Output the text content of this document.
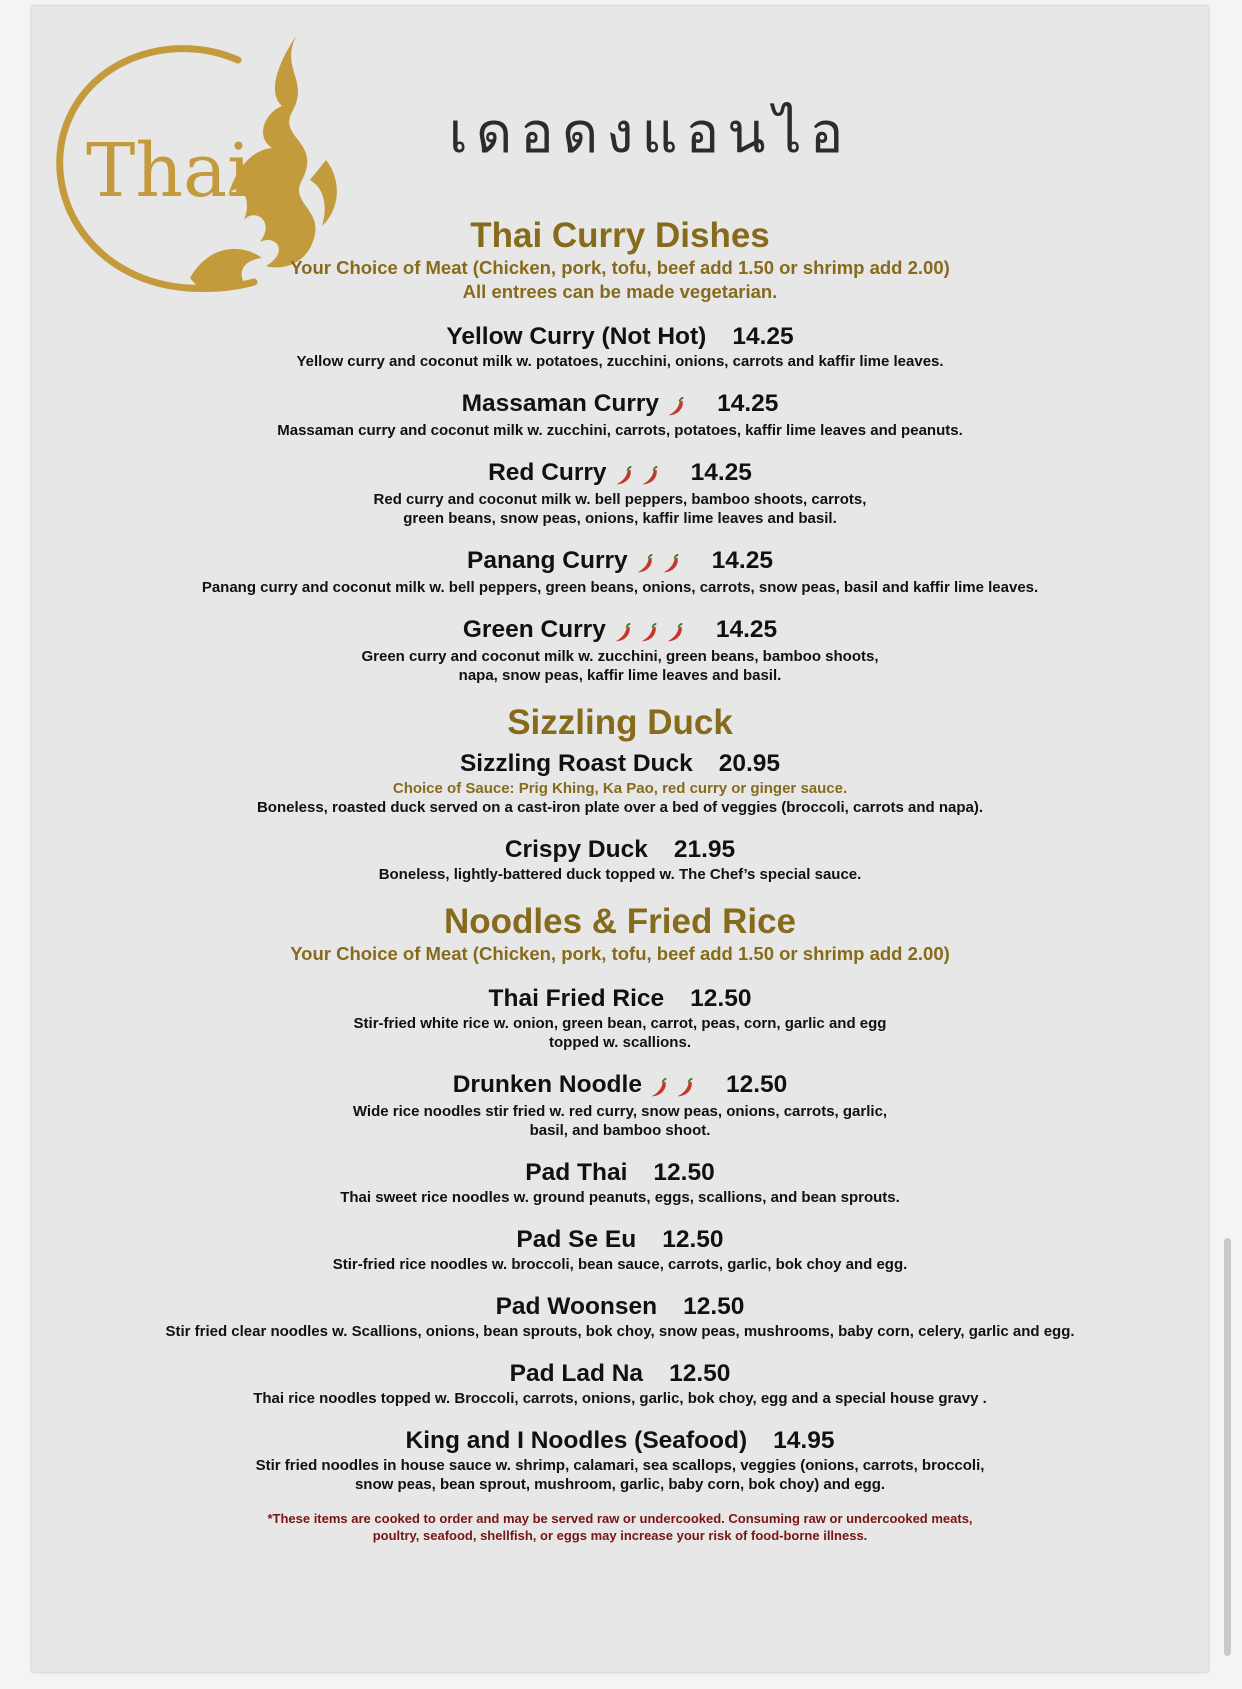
Thai	เดอดงแอนไอ
Thai Curry Dishes
Your Choice of Meat (Chicken, pork, tofu, beef add 1.50 or shrimp add 2.00)
All entrees can be made vegetarian.
Yellow Curry (Not Hot) 14.25
Yellow curry and coconut milk w. potatoes, zucchini, onions, carrots and kaffir lime leaves.
Massaman Curry 14.25
Massaman curry and coconut milk w. zucchini, carrots, potatoes, kaffir lime leaves and peanuts.
Red Curry	14.25
Red curry and coconut milk w. bell peppers, bamboo shoots, carrots,
green beans, snow peas, onions, kaffir lime leaves and basil.
Panang Curry	14.25
Panang curry and coconut milk w. bell peppers, green beans, onions, carrots, snow peas, basil and kaffir lime leaves.
Green Curry	14.25
Green curry and coconut milk w. zucchini, green beans, bamboo shoots,
napa, snow peas, kaffir lime leaves and basil.
Sizzling Duck
Sizzling Roast Duck 20.95
Choice of Sauce: Prig Khing, Ka Pao, red curry or ginger sauce.
Boneless, roasted duck served on a cast-iron plate over a bed of veggies (broccoli, carrots and napa).
Crispy Duck 21.95
Boneless, lightly-battered duck topped w. The Chef’s special sauce.
Noodles & Fried Rice
Your Choice of Meat (Chicken, pork, tofu, beef add 1.50 or shrimp add 2.00)
Thai Fried Rice 12.50
Stir-fried white rice w. onion, green bean, carrot, peas, corn, garlic and egg
topped w. scallions.
Drunken Noodle	12.50
Wide rice noodles stir fried w. red curry, snow peas, onions, carrots, garlic,
basil, and bamboo shoot.
Pad Thai 12.50
Thai sweet rice noodles w. ground peanuts, eggs, scallions, and bean sprouts.
Pad Se Eu 12.50
Stir-fried rice noodles w. broccoli, bean sauce, carrots, garlic, bok choy and egg.
Pad Woonsen 12.50
Stir fried clear noodles w. Scallions, onions, bean sprouts, bok choy, snow peas, mushrooms, baby corn, celery, garlic and egg.
Pad Lad Na 12.50
Thai rice noodles topped w. Broccoli, carrots, onions, garlic, bok choy, egg and a special house gravy .
King and I Noodles (Seafood) 14.95
Stir fried noodles in house sauce w. shrimp, calamari, sea scallops, veggies (onions, carrots, broccoli,
snow peas, bean sprout, mushroom, garlic, baby corn, bok choy) and egg.
*These items are cooked to order and may be served raw or undercooked. Consuming raw or undercooked meats,
poultry, seafood, shellfish, or eggs may increase your risk of food-borne illness.
